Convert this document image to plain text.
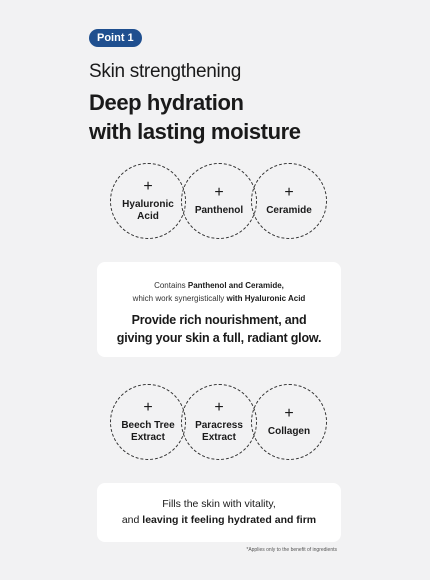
Point 1
Skin strengthening
Deep hydration
with lasting moisture
+
Hyaluronic
Acid
+
Panthenol
+
Ceramide
Contains Panthenol and Ceramide,
which work synergistically with Hyaluronic Acid
Provide rich nourishment, and
giving your skin a full, radiant glow.
+
Beech Tree
Extract
+
Paracress
Extract
+
Collagen
Fills the skin with vitality,
and leaving it feeling hydrated and firm
*Applies only to the benefit of ingredients
